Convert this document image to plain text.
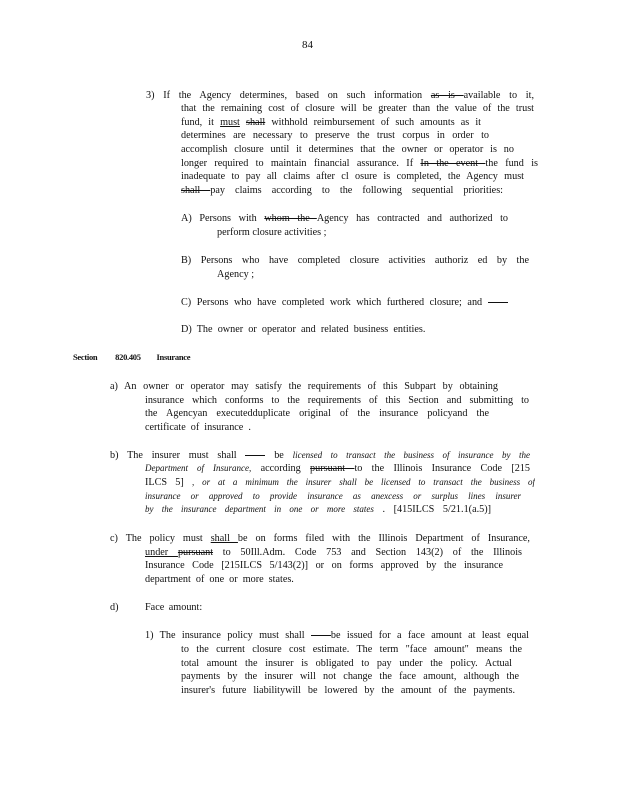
84
3) If the Agency determines, based on such information as is available to it,
that the remaining cost of closure will be greater than the value of the trust
fund, it must shall withhold reimbursement of such amounts as it
determines are necessary to preserve the trust corpus in order to
accomplish closure until it determines that the owner or operator is no
longer required to maintain financial assurance. If In the event the fund is
inadequate to pay all claims after cl osure is completed, the Agency must
shall pay claims according to the following sequential priorities:
A) Persons with whom the Agency has contracted and authorized to
perform closure activities ;
B) Persons who have completed closure activities authoriz ed by the
Agency ;
C) Persons who have completed work which furthered closure; and
D) The owner or operator and related business entities.
Section 820.405 Insurance
a) An owner or operator may satisfy the requirements of this Subpart by obtaining
insurance which conforms to the requirements of this Section and submitting to
the Agencyan executedduplicate original of the insurance policyand the
certificate of insurance .
b) The insurer must shall  be licensed to transact the business of insurance by the
Department of Insurance, according pursuant to the Illinois Insurance Code [215
ILCS 5] , or at a minimum the insurer shall be licensed to transact the business of
insurance or approved to provide insurance as anexcess or surplus lines insurer
by the insurance department in one or more states . [415ILCS 5/21.1(a.5)]
c) The policy must shall be on forms filed with the Illinois Department of Insurance,
under pursuant to 50Ill.Adm. Code 753 and Section 143(2) of the Illinois
Insurance Code [215ILCS 5/143(2)] or on forms approved by the insurance
department of one or more states.
d)	Face amount:
1) The insurance policy must shall be issued for a face amount at least equal
to the current closure cost estimate. The term "face amount" means the
total amount the insurer is obligated to pay under the policy. Actual
payments by the insurer will not change the face amount, although the
insurer's future liabilitywill be lowered by the amount of the payments.
